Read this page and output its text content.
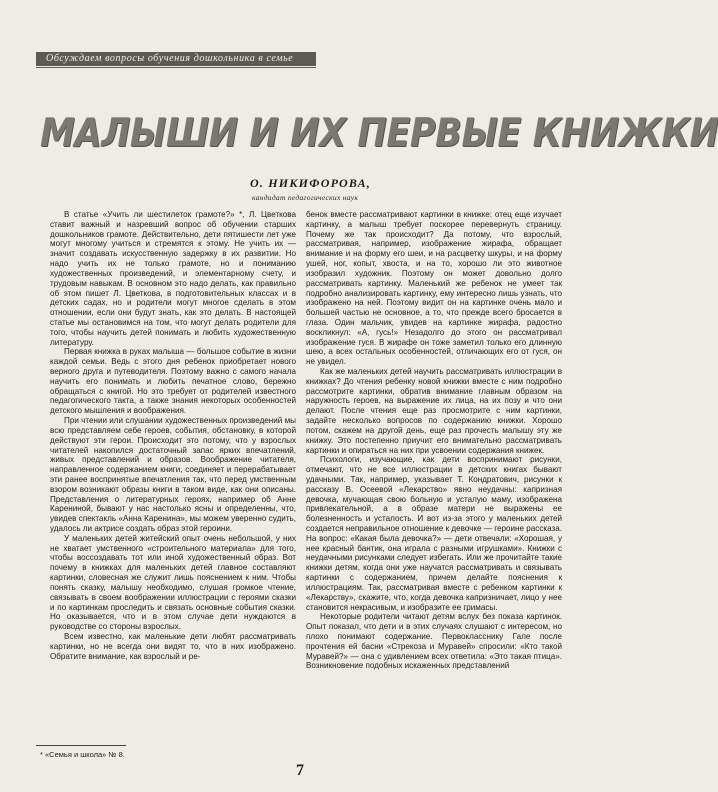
Обсуждаем вопросы обучения дошкольника в семье
МАЛЫШИ И ИХ ПЕРВЫЕ КНИЖКИ
О. НИКИФОРОВА,
кандидат педагогических наук

В статье «Учить ли шестилеток грамоте?» *, Л. Цветкова ставит важный и назревший вопрос об обучении старших дошкольников грамоте. Действительно, дети пятишести лет уже могут многому учиться и стремятся к этому. Не учить их — значит создавать искусственную задержку в их развитии. Но надо учить их не только грамоте, но и пониманию художественных произведений, и элементарному счету, и трудовым навыкам. В основном это надо делать, как правильно об этом пишет Л. Цветкова, в подготовительных классах и в детских садах, но и родители могут многое сделать в этом отношении, если они будут знать, как это делать. В настоящей статье мы остановимся на том, что могут делать родители для того, чтобы научить детей понимать и любить художественную литературу.

Первая книжка в руках малыша — большое событие в жизни каждой семьи. Ведь с этого дня ребенок приобретает нового верного друга и путеводителя. Поэтому важно с самого начала научить его понимать и любить печатное слово, бережно обращаться с книгой. Но это требует от родителей известного педагогического такта, а также знания некоторых особенностей детского мышления и воображения.

При чтении или слушании художественных произведений мы всю представляем себе героев, события, обстановку, в которой действуют эти герои. Происходит это потому, что у взрослых читателей накопился достаточный запас ярких впечатлений, живых представлений и образов. Воображение читателя, направленное содержанием книги, соединяет и перерабатывает эти ранее воспринятые впечатления так, что перед умственным взором возникают образы книги в таком виде, как они описаны. Представления о литературных героях, например об Анне Карениной, бывают у нас настолько ясны и определенны, что, увидев спектакль «Анна Каренина», мы можем уверенно судить, удалось ли актрисе создать образ этой героини.

У маленьких детей житейский опыт очень небольшой, у них не хватает умственного «строительного материала» для того, чтобы воссоздавать тот или иной художественный образ. Вот почему в книжках для маленьких детей главное составляют картинки, словесная же служит лишь пояснением к ним. Чтобы понять сказку, малышу необходимо, слушая громкое чтение, связывать в своем воображении иллюстрации с героями сказки и по картинкам проследить и связать основные события сказки. Но оказывается, что и в этом случае дети нуждаются в руководстве со стороны взрослых.

Всем известно, как маленькие дети любят рассматривать картинки, но не всегда они видят то, что в них изображено. Обратите внимание, как взрослый и ре-

бенок вместе рассматривают картинки в книжке: отец еще изучает картинку, а малыш требует поскорее перевернуть страницу. Почему же так происходит? Да потому, что взрослый, рассматривая, например, изображение жирафа, обращает внимание и на форму его шеи, и на расцветку шкуры, и на форму ушей, ног, копыт, хвоста, и на то, хорошо ли это животное изобразил художник. Поэтому он может довольно долго рассматривать картинку. Маленький же ребенок не умеет так подробно анализировать картинку, ему интересно лишь узнать, что изображено на ней. Поэтому видит он на картинке очень мало и большей частью не основное, а то, что прежде всего бросается в глаза. Один мальчик, увидев на картинке жирафа, радостно воскликнул: «А, гусь!» Незадолго до этого он рассматривал изображение гуся. В жирафе он тоже заметил только его длинную шею, а всех остальных особенностей, отличающих его от гуся, он не увидел.

Как же маленьких детей научить рассматривать иллюстрации в книжках? До чтения ребенку новой книжки вместе с ним подробно рассмотрите картинки, обратив внимание главным образом на наружность героев, на выражение их лица, на их позу и что они делают. После чтения еще раз просмотрите с ним картинки, задайте несколько вопросов по содержанию книжки. Хорошо потом, скажем на другой день, еще раз прочесть малышу эту же книжку. Это постепенно приучит его внимательно рассматривать картинки и опираться на них при усвоении содержания книжек.

Психологи, изучающие, как дети воспринимают рисунки, отмечают, что не все иллюстрации в детских книгах бывают удачными. Так, например, указывает Т. Кондратович, рисунки к рассказу В. Осеевой «Лекарство» явно неудачны: капризная девочка, мучающая свою больную и усталую маму, изображена привлекательной, а в образе матери не выражены ее болезненность и усталость. И вот из-за этого у маленьких детей создается неправильное отношение к девочке — героине рассказа. На вопрос: «Какая была девочка?» — дети отвечали: «Хорошая, у нее красный бантик, она играла с разными игрушками». Книжки с неудачными рисунками следует избегать. Или же прочитайте такие книжки детям, когда они уже научатся рассматривать и связывать картинки с содержанием, причем делайте пояснения к иллюстрациям. Так, рассматривая вместе с ребенком картинки к «Лекарству», скажите, что, когда девочка капризничает, лицо у нее становится некрасивым, и изобразите ее гримасы.

Некоторые родители читают детям вслух без показа картинок. Опыт показал, что дети и в этих случаях слушают с интересом, но плохо понимают содержание. Первокласснику Гале после прочтения ей басни «Стрекоза и Муравей» спросили: «Кто такой Муравей?» — она с удивлением всех ответила: «Это такая птица». Возникновение подобных искаженных представлений

* «Семья и школа» № 8.
7
